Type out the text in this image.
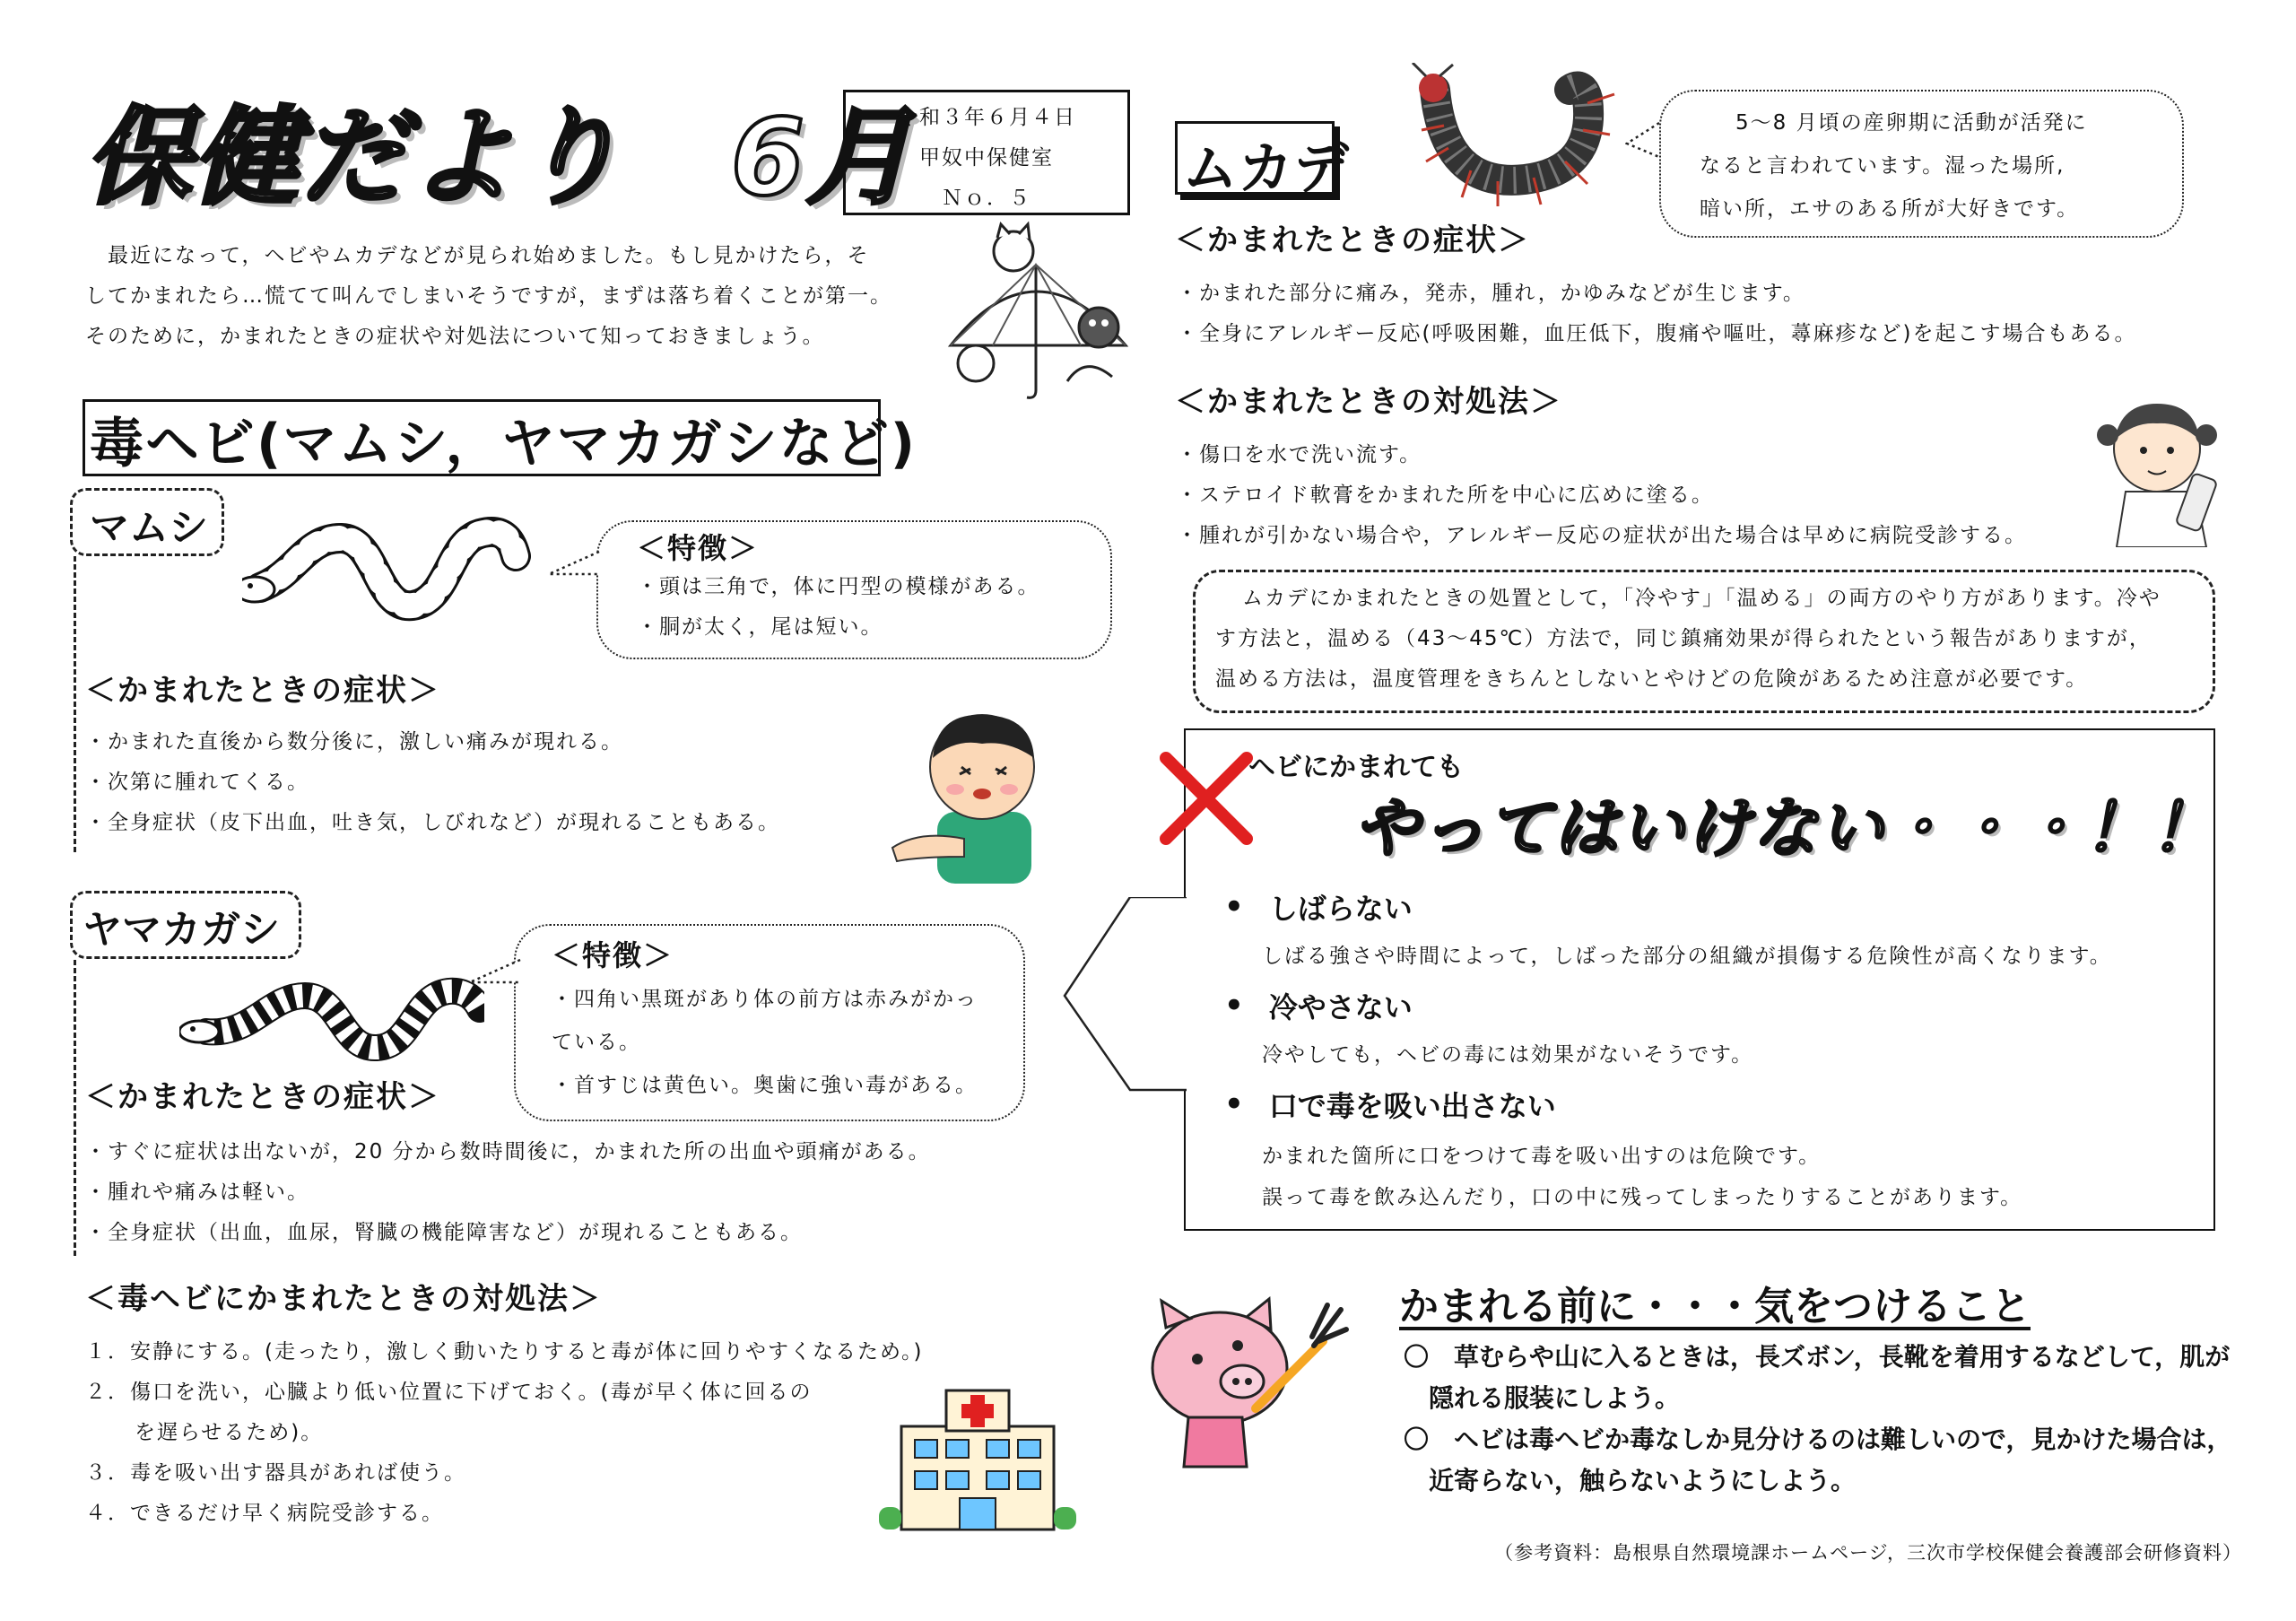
保健だより　6月
令和３年６月４日
甲奴中保健室
Ｎｏ．５
最近になって，ヘビやムカデなどが見られ始めました。もし見かけたら，そ
してかまれたら…慌てて叫んでしまいそうですが，まずは落ち着くことが第一。
そのために，かまれたときの症状や対処法について知っておきましょう。
毒ヘビ(マムシ，ヤマカガシなど)
マムシ	＜特徴＞
・頭は三角で，体に円型の模様がある。
・胴が太く，尾は短い。
＜かまれたときの症状＞
・かまれた直後から数分後に，激しい痛みが現れる。
・次第に腫れてくる。
・全身症状（皮下出血，吐き気，しびれなど）が現れることもある。
ヤマカガシ
＜特徴＞
・四角い黒斑があり体の前方は赤みがかっ
ている。
・首すじは黄色い。奥歯に強い毒がある。
＜かまれたときの症状＞
・すぐに症状は出ないが，20 分から数時間後に，かまれた所の出血や頭痛がある。
・腫れや痛みは軽い。
・全身症状（出血，血尿，腎臓の機能障害など）が現れることもある。
＜毒ヘビにかまれたときの対処法＞
１．安静にする。(走ったり，激しく動いたりすると毒が体に回りやすくなるため。)
２．傷口を洗い，心臓より低い位置に下げておく。(毒が早く体に回るの
を遅らせるため)。
３．毒を吸い出す器具があれば使う。
４．できるだけ早く病院受診する。
ムカデ
5～8 月頃の産卵期に活動が活発に
なると言われています。湿った場所,
暗い所，エサのある所が大好きです。
＜かまれたときの症状＞
・かまれた部分に痛み，発赤，腫れ，かゆみなどが生じます。
・全身にアレルギー反応(呼吸困難，血圧低下，腹痛や嘔吐，蕁麻疹など)を起こす場合もある。
＜かまれたときの対処法＞
・傷口を水で洗い流す。
・ステロイド軟膏をかまれた所を中心に広めに塗る。
・腫れが引かない場合や，アレルギー反応の症状が出た場合は早めに病院受診する。
ムカデにかまれたときの処置として，「冷やす」「温める」の両方のやり方があります。冷や
す方法と，温める（43～45℃）方法で，同じ鎮痛効果が得られたという報告がありますが，
温める方法は，温度管理をきちんとしないとやけどの危険があるため注意が必要です。
ヘビにかまれても
やってはいけない・・・！！
• しばらない
しばる強さや時間によって，しばった部分の組織が損傷する危険性が高くなります。
• 冷やさない
冷やしても，ヘビの毒には効果がないそうです。
• 口で毒を吸い出さない
かまれた箇所に口をつけて毒を吸い出すのは危険です。
誤って毒を飲み込んだり，口の中に残ってしまったりすることがあります。
かまれる前に・・・気をつけること
〇　草むらや山に入るときは，長ズボン，長靴を着用するなどして，肌が
隠れる服装にしよう。
〇　ヘビは毒ヘビか毒なしか見分けるのは難しいので，見かけた場合は，
近寄らない，触らないようにしよう。
（参考資料：島根県自然環境課ホームページ，三次市学校保健会養護部会研修資料）
